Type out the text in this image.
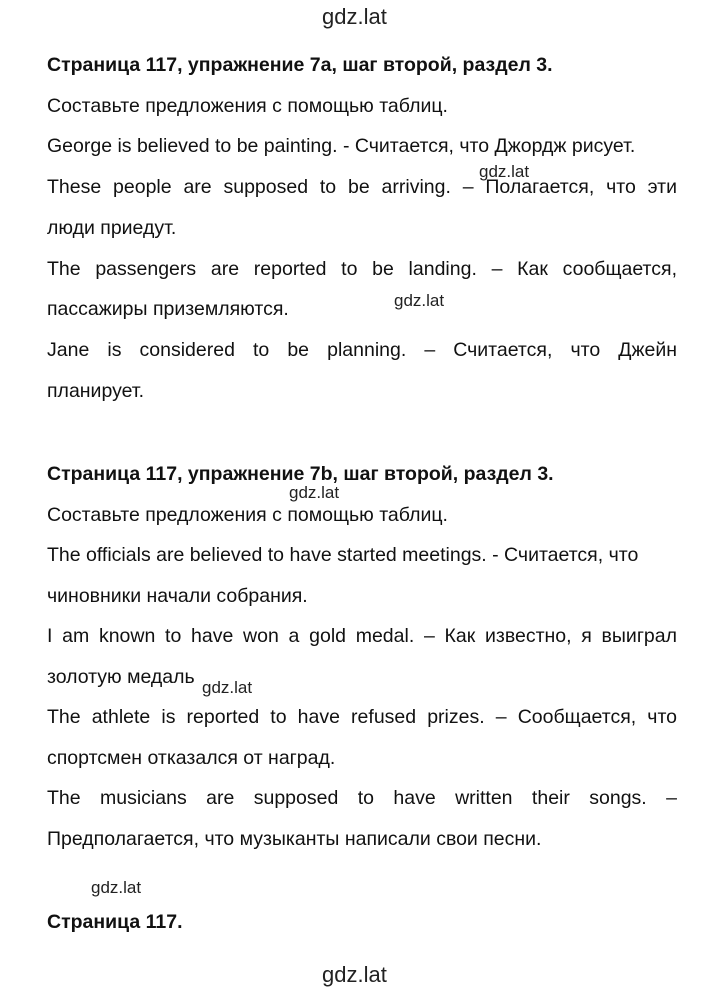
gdz.lat
Страница 117, упражнение 7а, шаг второй, раздел 3.
Составьте предложения с помощью таблиц.
George is believed to be painting. - Считается, что Джордж рисует.
These people are supposed to be arriving. – Полагается, что эти
люди приедут.
The passengers are reported to be landing. – Как сообщается,
пассажиры приземляются.
Jane is considered to be planning. – Считается, что Джейн
планирует.
gdz.lat
gdz.lat
Страница 117, упражнение 7b, шаг второй, раздел 3.
Составьте предложения с помощью таблиц.
The officials are believed to have started meetings. - Считается, что
чиновники начали собрания.
I am known to have won a gold medal. – Как известно, я выиграл
золотую медаль
The athlete is reported to have refused prizes. – Сообщается, что
спортсмен отказался от наград.
The musicians are supposed to have written their songs. –
Предполагается, что музыканты написали свои песни.
gdz.lat
gdz.lat
gdz.lat
Страница 117.
gdz.lat
